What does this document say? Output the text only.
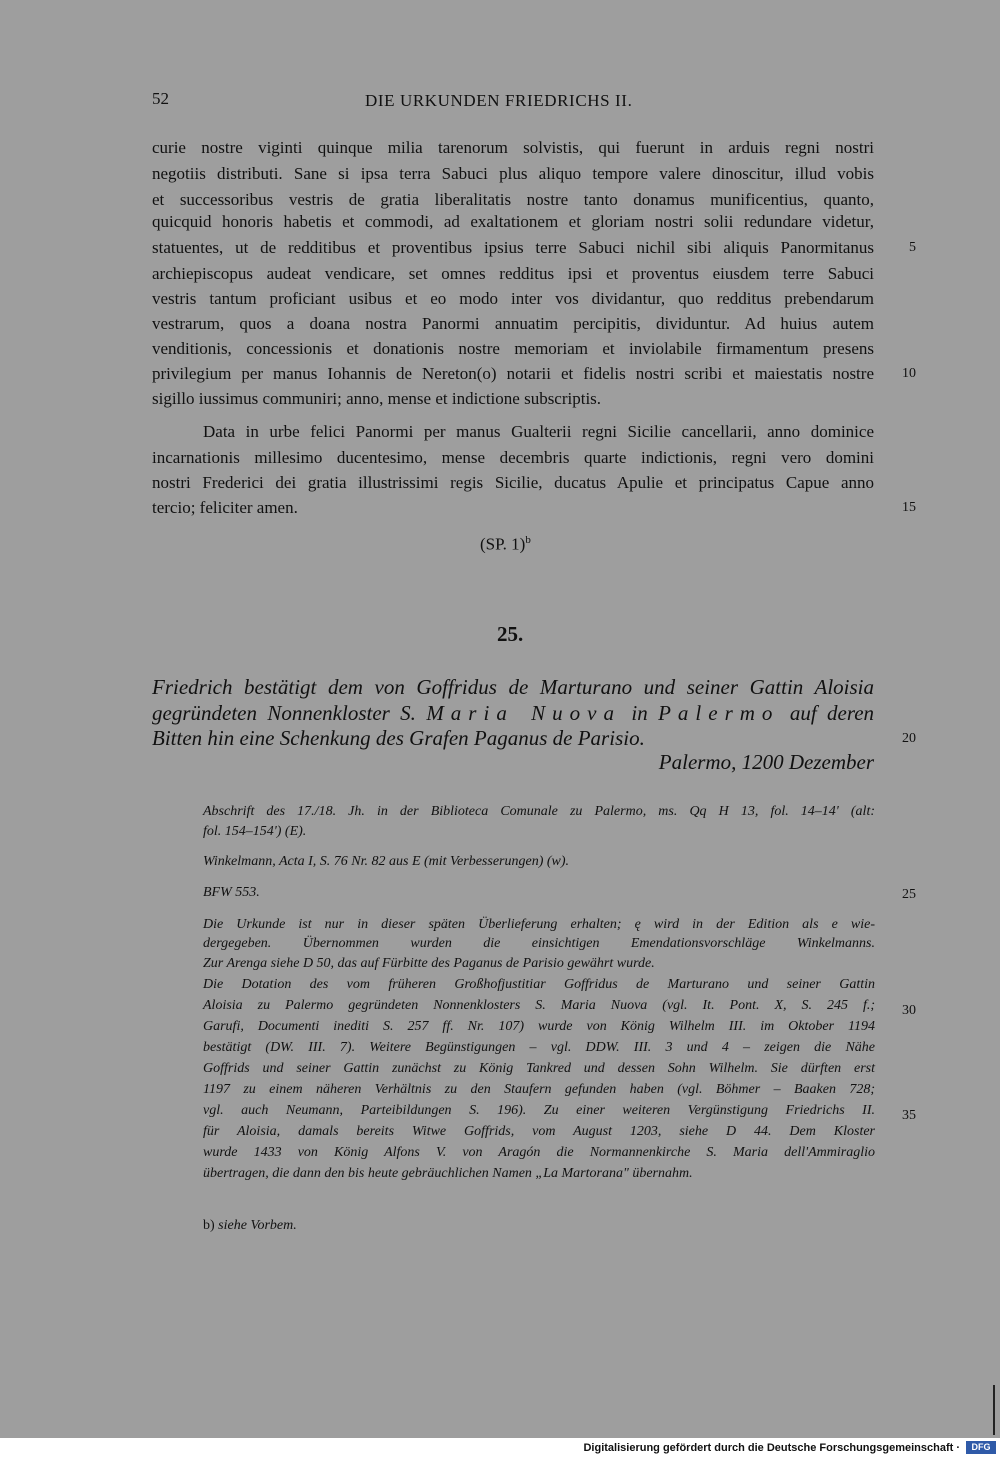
52	DIE URKUNDEN FRIEDRICHS II.
curie nostre viginti quinque milia tarenorum solvistis, qui fuerunt in arduis regni nostri
negotiis distributi. Sane si ipsa terra Sabuci plus aliquo tempore valere dinoscitur, illud vobis
et successoribus vestris de gratia liberalitatis nostre tanto donamus munificentius, quanto,
quicquid honoris habetis et commodi, ad exaltationem et gloriam nostri solii redundare videtur,
statuentes, ut de redditibus et proventibus ipsius terre Sabuci nichil sibi aliquis Panormitanus
archiepiscopus audeat vendicare, set omnes redditus ipsi et proventus eiusdem terre Sabuci
vestris tantum proficiant usibus et eo modo inter vos dividantur, quo redditus prebendarum
vestrarum, quos a doana nostra Panormi annuatim percipitis, dividuntur. Ad huius autem
venditionis, concessionis et donationis nostre memoriam et inviolabile firmamentum presens
privilegium per manus Iohannis de Nereton(o) notarii et fidelis nostri scribi et maiestatis nostre
sigillo iussimus communiri; anno, mense et indictione subscriptis.
Data in urbe felici Panormi per manus Gualterii regni Sicilie cancellarii, anno dominice
incarnationis millesimo ducentesimo, mense decembris quarte indictionis, regni vero domini
nostri Frederici dei gratia illustrissimi regis Sicilie, ducatus Apulie et principatus Capue anno
tercio; feliciter amen.
(SP. 1)$^b$
25.
Friedrich bestätigt dem von Goffridus de Marturano und seiner Gattin Aloisia
gegründeten Nonnenkloster S. Maria Nuova in Palermo auf deren
Bitten hin eine Schenkung des Grafen Paganus de Parisio.
Palermo, 1200 Dezember
Abschrift des 17./18. Jh. in der Biblioteca Comunale zu Palermo, ms. Qq H 13, fol. 14–14' (alt:
fol. 154–154') (E).
Winkelmann, Acta I, S. 76 Nr. 82 aus E (mit Verbesserungen) (w).
BFW 553.
Die Urkunde ist nur in dieser späten Überlieferung erhalten; ę wird in der Edition als e wie-
dergegeben. Übernommen wurden die einsichtigen Emendationsvorschläge Winkelmanns.
Zur Arenga siehe D 50, das auf Fürbitte des Paganus de Parisio gewährt wurde.
Die Dotation des vom früheren Großhofjustitiar Goffridus de Marturano und seiner Gattin
Aloisia zu Palermo gegründeten Nonnenklosters S. Maria Nuova (vgl. It. Pont. X, S. 245 f.;
Garufi, Documenti inediti S. 257 ff. Nr. 107) wurde von König Wilhelm III. im Oktober 1194
bestätigt (DW. III. 7). Weitere Begünstigungen – vgl. DDW. III. 3 und 4 – zeigen die Nähe
Goffrids und seiner Gattin zunächst zu König Tankred und dessen Sohn Wilhelm. Sie dürften erst
1197 zu einem näheren Verhältnis zu den Staufern gefunden haben (vgl. Böhmer – Baaken 728;
vgl. auch Neumann, Parteibildungen S. 196). Zu einer weiteren Vergünstigung Friedrichs II.
für Aloisia, damals bereits Witwe Goffrids, vom August 1203, siehe D 44. Dem Kloster
wurde 1433 von König Alfons V. von Aragón die Normannenkirche S. Maria dell'Ammiraglio
übertragen, die dann den bis heute gebräuchlichen Namen „La Martorana" übernahm.
b) siehe Vorbem.
5
10
15
20
25
30
35
Digitalisierung gefördert durch die Deutsche Forschungsgemeinschaft ·	DFG
